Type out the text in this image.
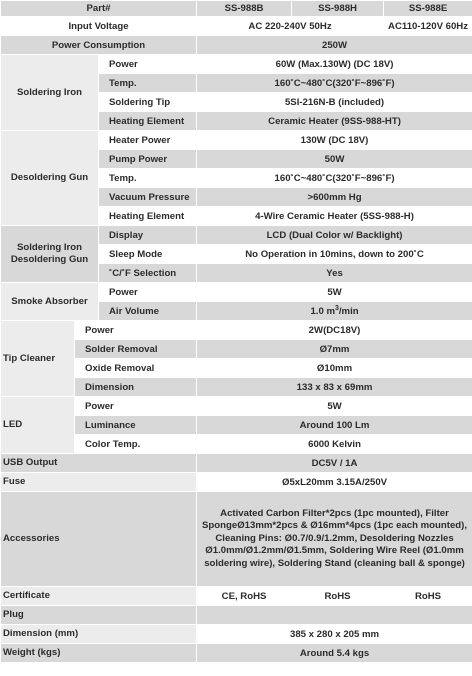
Part#			SS-988B	SS-988H	SS-988E
Input Voltage			AC 220-240V 50Hz		AC110-120V 60Hz
Power Consumption			250W		
Soldering Iron		Power	60W (Max.130W) (DC 18V)		
		Temp.	160˚C~480˚C(320˚F~896˚F)		
		Soldering Tip	5SI-216N-B (included)		
		Heating Element	Ceramic Heater (9SS-988-HT)		
Desoldering Gun		Heater Power	130W (DC 18V)		
		Pump Power	50W		
		Temp.	160˚C~480˚C(320˚F~896˚F)		
		Vacuum Pressure	>600mm Hg		
		Heating Element	4-Wire Ceramic Heater (5SS-988-H)		
Soldering Iron Desoldering Gun		Display	LCD (Dual Color w/ Backlight)		
		Sleep Mode	No Operation in 10mins, down to 200˚C		
		˚C/˚F Selection	Yes		
Smoke Absorber		Power	5W		
		Air Volume	1.0 $m^3/\min$		
Tip Cleaner	Power		2W(DC18V)		
	Solder Removal		Ø7mm		
	Oxide Removal		Ø10mm		
	Dimension		133 x 83 x 69mm		
LED	Power		5W		
	Luminance		Around 100 Lm		
	Color Temp.		6000 Kelvin		
USB Output			DC5V / 1A		
Fuse			Ø5xL20mm 3.15A/250V		
Accessories			Activated Carbon Filter*2pcs (1pc mounted), Filter SpongeØ13mm*2pcs & Ø16mm*4pcs (1pc each mounted), Cleaning Pins: Ø0.7/0.9/1.2mm, Desoldering Nozzles Ø1.0mm/Ø1.2mm/Ø1.5mm, Soldering Wire Reel (Ø1.0mm soldering wire), Soldering Stand (cleaning ball & sponge)		
Certificate			CE, RoHS	RoHS	RoHS
Plug					
Dimension (mm)			385 x 280 x 205 mm		
Weight (kgs)			Around 5.4 kgs		
